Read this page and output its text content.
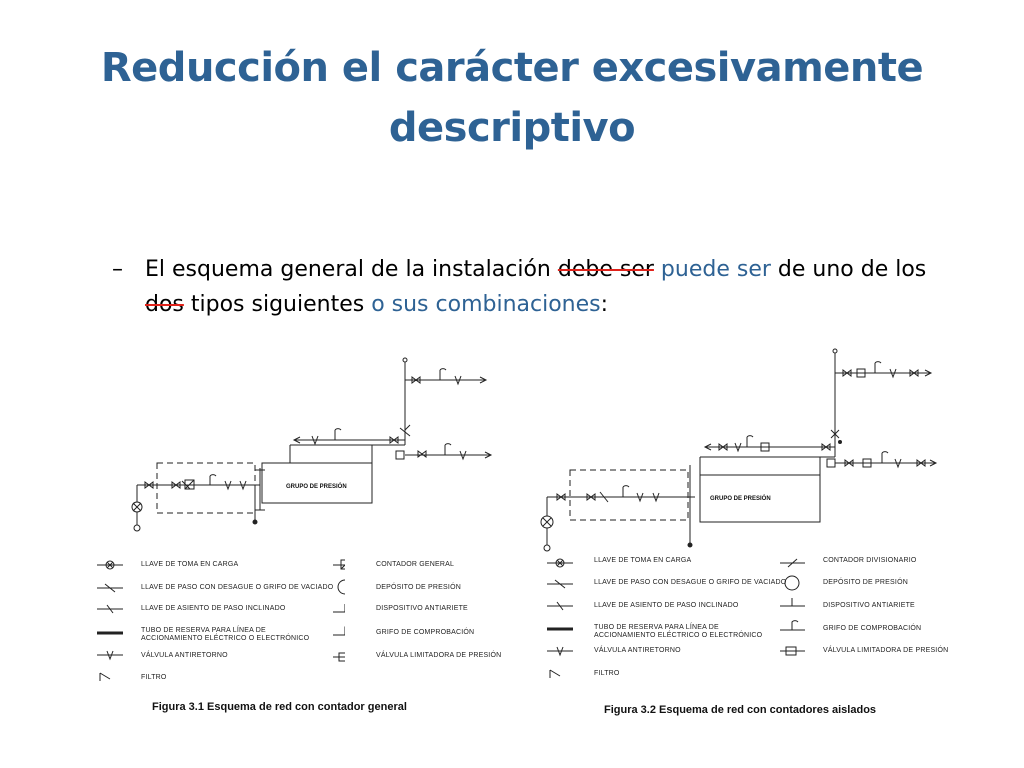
Reducción el carácter excesivamente
descriptivo
– El esquema general de la instalación debe ser puede ser de uno de los
dos tipos siguientes o sus combinaciones:
GRUPO DE PRESIÓN
LLAVE DE TOMA EN CARGA
LLAVE DE PASO CON DESAGUE O GRIFO DE VACIADO
LLAVE DE ASIENTO DE PASO INCLINADO
TUBO DE RESERVA PARA LÍNEA DE
ACCIONAMIENTO ELÉCTRICO O ELECTRÓNICO
VÁLVULA ANTIRETORNO
FILTRO
CONTADOR GENERAL
DEPÓSITO DE PRESIÓN
DISPOSITIVO ANTIARIETE
GRIFO DE COMPROBACIÓN
VÁLVULA LIMITADORA DE PRESIÓN
Figura 3.1 Esquema de red con contador general
GRUPO DE PRESIÓN
LLAVE DE TOMA EN CARGA
LLAVE DE PASO CON DESAGUE O GRIFO DE VACIADO
LLAVE DE ASIENTO DE PASO INCLINADO
TUBO DE RESERVA PARA LÍNEA DE
ACCIONAMIENTO ELÉCTRICO O ELECTRÓNICO
VÁLVULA ANTIRETORNO
FILTRO
CONTADOR DIVISIONARIO
DEPÓSITO DE PRESIÓN
DISPOSITIVO ANTIARIETE
GRIFO DE COMPROBACIÓN
VÁLVULA LIMITADORA DE PRESIÓN
Figura 3.2 Esquema de red con contadores aislados
